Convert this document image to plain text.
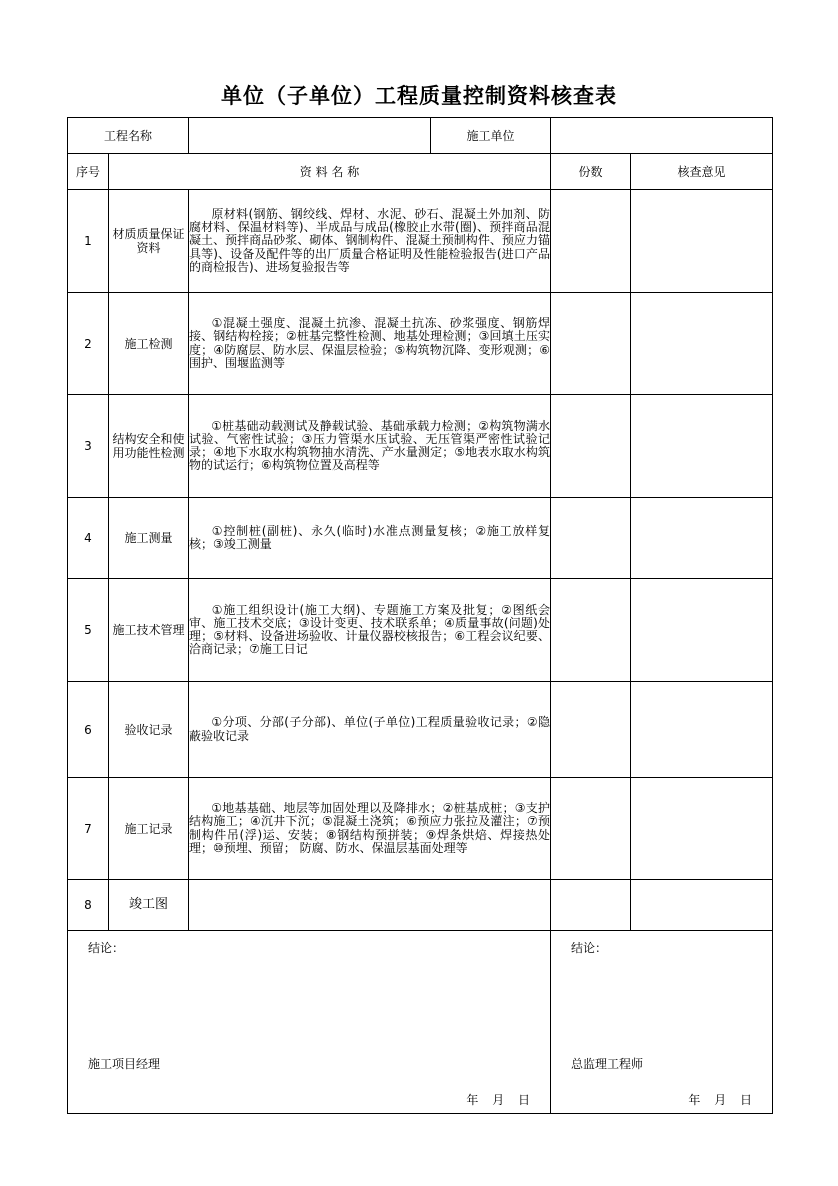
单位（子单位）工程质量控制资料核查表
工程名称			施工单位		
序号	资 料 名 称			份数	核查意见
1	材质质量保证资料	原材料(钢筋、钢绞线、焊材、水泥、砂石、混凝土外加剂、防腐材料、保温材料等)、半成品与成品(橡胶止水带(圈)、预拌商品混凝土、预拌商品砂浆、砌体、钢制构件、混凝土预制构件、预应力锚具等)、设备及配件等的出厂质量合格证明及性能检验报告(进口产品的商检报告)、进场复验报告等			
2	施工检测	①混凝土强度、混凝土抗渗、混凝土抗冻、砂浆强度、钢筋焊接、钢结构栓接；②桩基完整性检测、地基处理检测；③回填土压实度；④防腐层、防水层、保温层检验；⑤构筑物沉降、变形观测；⑥围护、围堰监测等			
3	结构安全和使用功能性检测	①桩基础动载测试及静载试验、基础承载力检测；②构筑物满水试验、气密性试验；③压力管渠水压试验、无压管渠严密性试验记录；④地下水取水构筑物抽水清洗、产水量测定；⑤地表水取水构筑物的试运行；⑥构筑物位置及高程等			
4	施工测量	①控制桩(副桩)、永久(临时)水准点测量复核；②施工放样复核；③竣工测量			
5	施工技术管理	①施工组织设计(施工大纲)、专题施工方案及批复；②图纸会审、施工技术交底；③设计变更、技术联系单；④质量事故(问题)处理；⑤材料、设备进场验收、计量仪器校核报告；⑥工程会议纪要、洽商记录；⑦施工日记			
6	验收记录	①分项、分部(子分部)、单位(子单位)工程质量验收记录；②隐蔽验收记录			
7	施工记录	①地基基础、地层等加固处理以及降排水；②桩基成桩；③支护结构施工；④沉井下沉；⑤混凝土浇筑；⑥预应力张拉及灌注；⑦预制构件吊(浮)运、安装；⑧钢结构预拼装；⑨焊条烘焙、焊接热处理；⑩预埋、预留； 防腐、防水、保温层基面处理等			
8	竣工图				

结论：
施工项目经理
年 月 日				结论：
总监理工程师
年 月 日	
